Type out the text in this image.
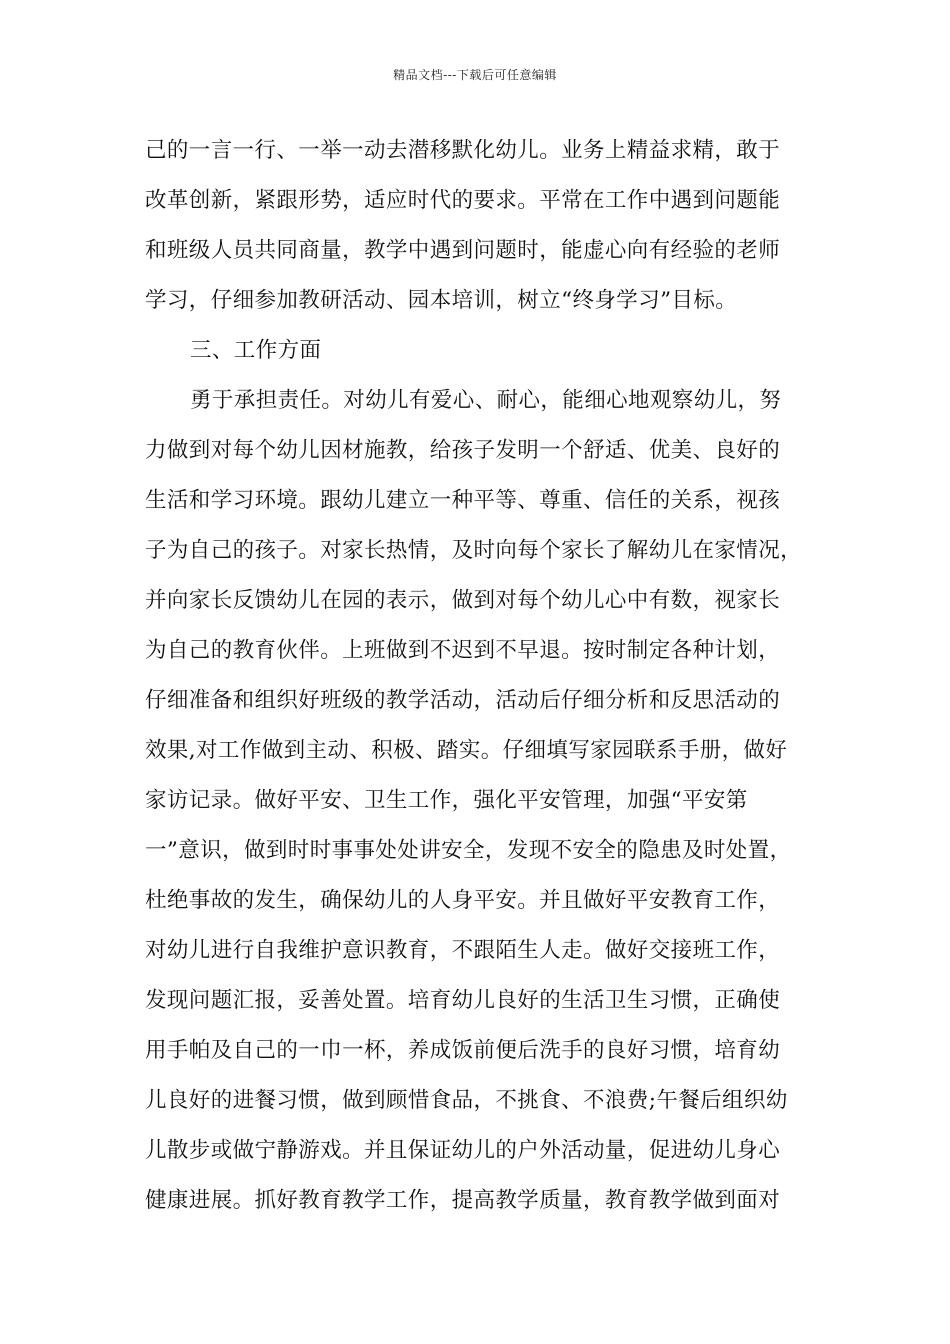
精品文档---下载后可任意编辑
己的一言一行、一举一动去潜移默化幼儿。业务上精益求精，敢于
改革创新，紧跟形势，适应时代的要求。平常在工作中遇到问题能
和班级人员共同商量，教学中遇到问题时，能虚心向有经验的老师
学习，仔细参加教研活动、园本培训，树立“终身学习”目标。
三、工作方面
勇于承担责任。对幼儿有爱心、耐心，能细心地观察幼儿，努
力做到对每个幼儿因材施教，给孩子发明一个舒适、优美、良好的
生活和学习环境。跟幼儿建立一种平等、尊重、信任的关系，视孩
子为自己的孩子。对家长热情，及时向每个家长了解幼儿在家情况，
并向家长反馈幼儿在园的表示，做到对每个幼儿心中有数，视家长
为自己的教育伙伴。上班做到不迟到不早退。按时制定各种计划，
仔细准备和组织好班级的教学活动，活动后仔细分析和反思活动的
效果,对工作做到主动、积极、踏实。仔细填写家园联系手册，做好
家访记录。做好平安、卫生工作，强化平安管理，加强“平安第
一”意识，做到时时事事处处讲安全，发现不安全的隐患及时处置，
杜绝事故的发生，确保幼儿的人身平安。并且做好平安教育工作，
对幼儿进行自我维护意识教育，不跟陌生人走。做好交接班工作，
发现问题汇报，妥善处置。培育幼儿良好的生活卫生习惯，正确使
用手帕及自己的一巾一杯，养成饭前便后洗手的良好习惯，培育幼
儿良好的进餐习惯，做到顾惜食品，不挑食、不浪费;午餐后组织幼
儿散步或做宁静游戏。并且保证幼儿的户外活动量，促进幼儿身心
健康进展。抓好教育教学工作，提高教学质量，教育教学做到面对
